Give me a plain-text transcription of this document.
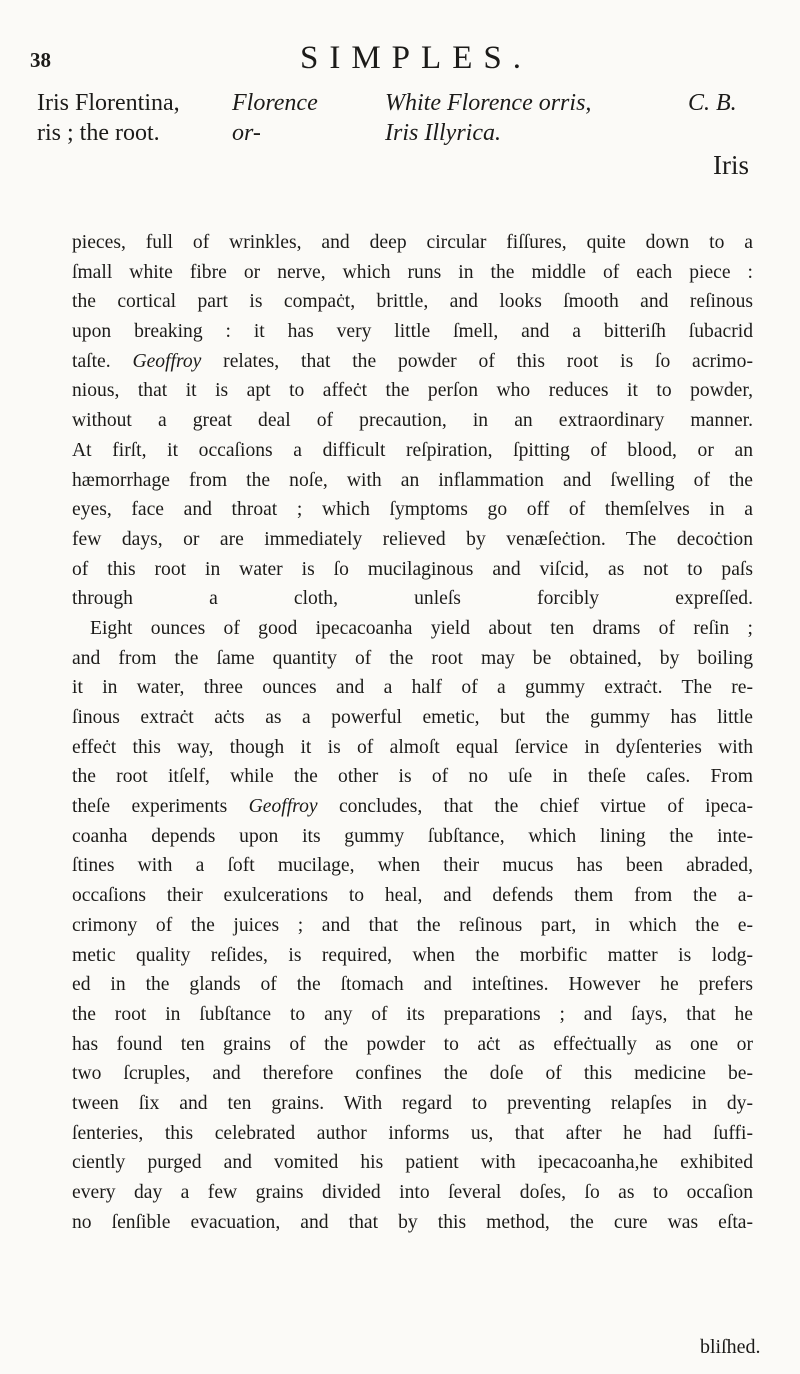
38	SIMPLES.
Iris Florentina,
ris ; the root.
Florence or-
White Florence orris,
Iris Illyrica.
C. B.
Iris
pieces, full of wrinkles, and deep circular fiſſures, quite down to a
ſmall white fibre or nerve, which runs in the middle of each piece :
the cortical part is compaċt, brittle, and looks ſmooth and reſinous
upon breaking : it has very little ſmell, and a bitteriſh ſubacrid
taſte. Geoffroy relates, that the powder of this root is ſo acrimo-
nious, that it is apt to affeċt the perſon who reduces it to powder,
without a great deal of precaution, in an extraordinary manner.
At firſt, it occaſions a difficult reſpiration, ſpitting of blood, or an
hæmorrhage from the noſe, with an inflammation and ſwelling of the
eyes, face and throat ; which ſymptoms go off of themſelves in a
few days, or are immediately relieved by venæſeċtion. The decoċtion
of this root in water is ſo mucilaginous and viſcid, as not to paſs
through a cloth, unleſs forcibly expreſſed.
Eight ounces of good ipecacoanha yield about ten drams of reſin ;
and from the ſame quantity of the root may be obtained, by boiling
it in water, three ounces and a half of a gummy extraċt. The re-
ſinous extraċt aċts as a powerful emetic, but the gummy has little
effeċt this way, though it is of almoſt equal ſervice in dyſenteries with
the root itſelf, while the other is of no uſe in theſe caſes. From
theſe experiments Geoffroy concludes, that the chief virtue of ipeca-
coanha depends upon its gummy ſubſtance, which lining the inte-
ſtines with a ſoft mucilage, when their mucus has been abraded,
occaſions their exulcerations to heal, and defends them from the a-
crimony of the juices ; and that the reſinous part, in which the e-
metic quality reſides, is required, when the morbific matter is lodg-
ed in the glands of the ſtomach and inteſtines. However he prefers
the root in ſubſtance to any of its preparations ; and ſays, that he
has found ten grains of the powder to aċt as effeċtually as one or
two ſcruples, and therefore confines the doſe of this medicine be-
tween ſix and ten grains. With regard to preventing relapſes in dy-
ſenteries, this celebrated author informs us, that after he had ſuffi-
ciently purged and vomited his patient with ipecacoanha,he exhibited
every day a few grains divided into ſeveral doſes, ſo as to occaſion
no ſenſible evacuation, and that by this method, the cure was eſta-
bliſhed.
